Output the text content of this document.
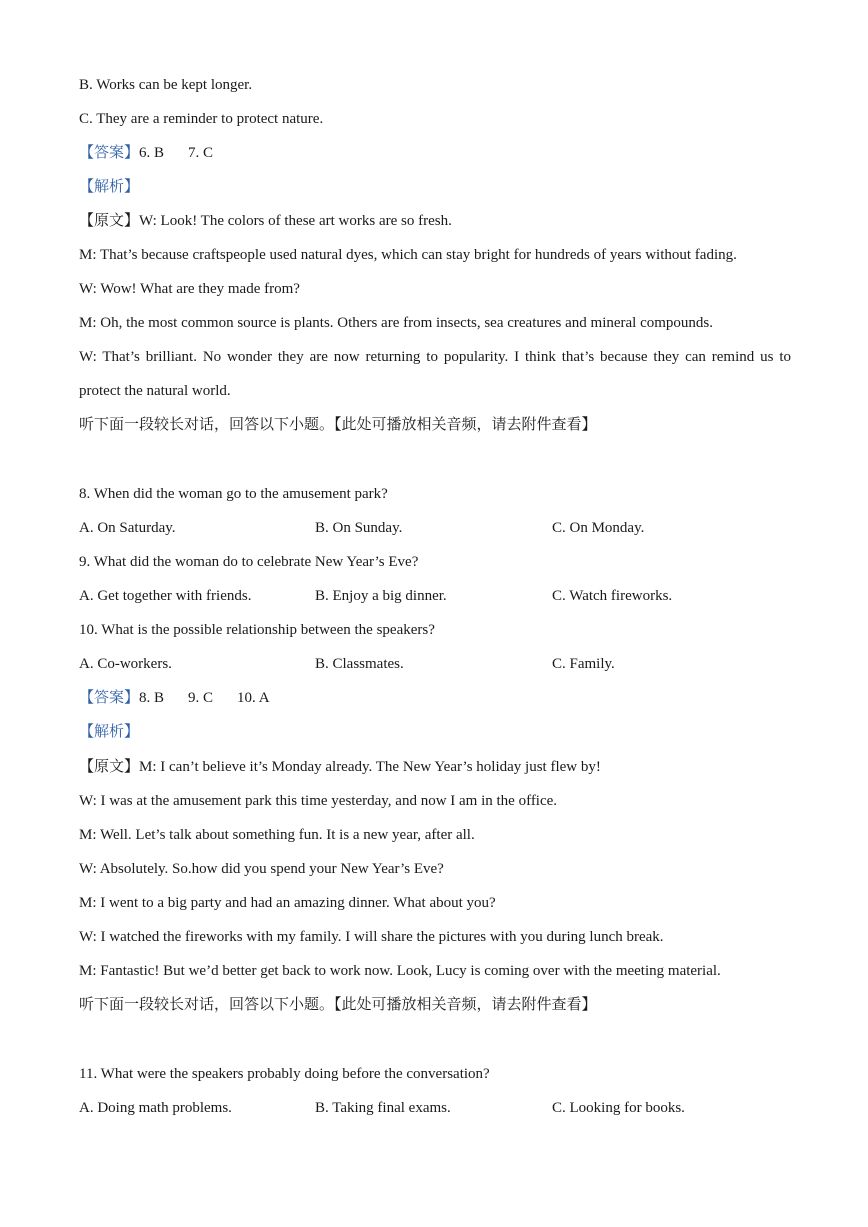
B. Works can be kept longer.
C. They are a reminder to protect nature.
【答案】6. B 7. C
【解析】
【原文】W: Look! The colors of these art works are so fresh.
M: That’s because craftspeople used natural dyes, which can stay bright for hundreds of years without fading.
W: Wow! What are they made from?
M: Oh, the most common source is plants. Others are from insects, sea creatures and mineral compounds.
W: That’s brilliant. No wonder they are now returning to popularity. I think that’s because they can remind us to
protect the natural world.
听下面一段较长对话，回答以下小题。【此处可播放相关音频，请去附件查看】
8. When did the woman go to the amusement park?
A. On Saturday.	B. On Sunday.	C. On Monday.
9. What did the woman do to celebrate New Year’s Eve?
A. Get together with friends.	B. Enjoy a big dinner.	C. Watch fireworks.
10. What is the possible relationship between the speakers?
A. Co-workers.	B. Classmates.	C. Family.
【答案】8. B 9. C 10. A
【解析】
【原文】M: I can’t believe it’s Monday already. The New Year’s holiday just flew by!
W: I was at the amusement park this time yesterday, and now I am in the office.
M: Well. Let’s talk about something fun. It is a new year, after all.
W: Absolutely. So.how did you spend your New Year’s Eve?
M: I went to a big party and had an amazing dinner. What about you?
W: I watched the fireworks with my family. I will share the pictures with you during lunch break.
M: Fantastic! But we’d better get back to work now. Look, Lucy is coming over with the meeting material.
听下面一段较长对话，回答以下小题。【此处可播放相关音频，请去附件查看】
11. What were the speakers probably doing before the conversation?
A. Doing math problems.	B. Taking final exams.	C. Looking for books.
